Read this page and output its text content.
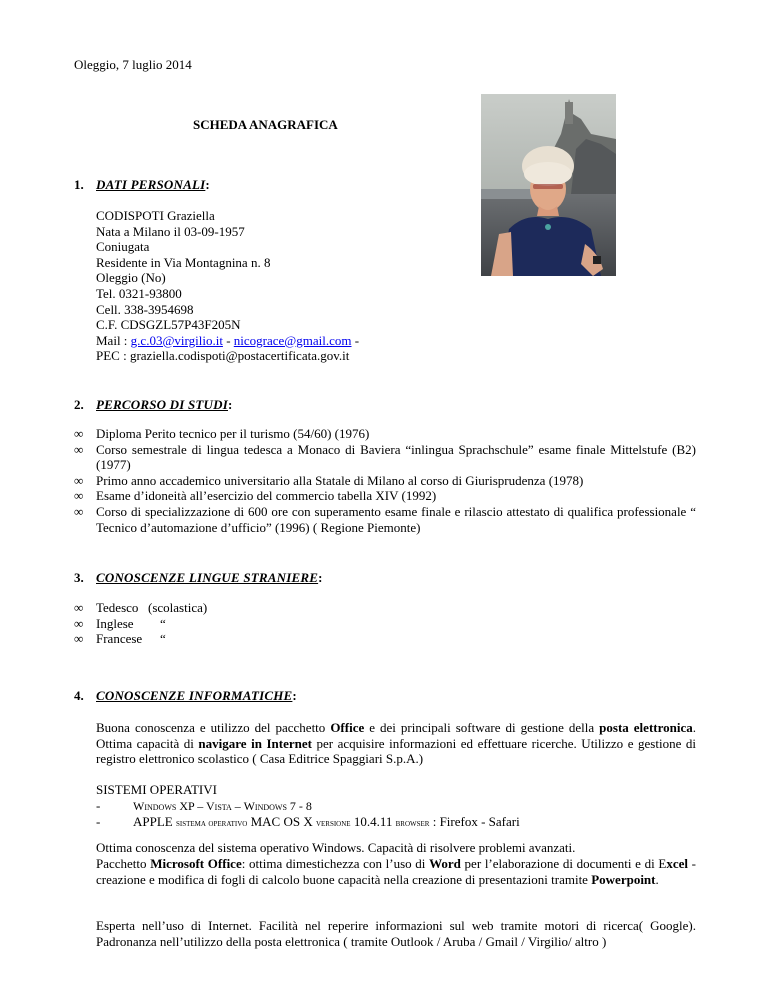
Oleggio, 7 luglio 2014
SCHEDA ANAGRAFICA
1. DATI PERSONALI:
CODISPOTI Graziella
Nata a Milano il 03-09-1957
Coniugata
Residente in Via Montagnina n. 8
Oleggio (No)
Tel. 0321-93800
Cell. 338-3954698
C.F. CDSGZL57P43F205N
Mail : g.c.03@virgilio.it - nicograce@gmail.com -
PEC : graziella.codispoti@postacertificata.gov.it
2. PERCORSO DI STUDI:
∞ Diploma Perito tecnico per il turismo (54/60) (1976)
∞ Corso semestrale di lingua tedesca a Monaco di Baviera “inlingua Sprachschule” esame finale Mittelstufe (B2) (1977)
∞ Primo anno accademico universitario alla Statale di Milano al corso di Giurisprudenza (1978)
∞ Esame d’idoneità all’esercizio del commercio tabella XIV (1992)
∞ Corso di specializzazione di 600 ore con superamento esame finale e rilascio attestato di qualifica professionale “ Tecnico d’automazione d’ufficio” (1996) ( Regione Piemonte)
3. CONOSCENZE LINGUE STRANIERE:
∞ Tedesco (scolastica)
∞ Inglese “
∞ Francese “
4. CONOSCENZE INFORMATICHE:
Buona conoscenza e utilizzo del pacchetto Office e dei principali software di gestione della posta elettronica. Ottima capacità di navigare in Internet per acquisire informazioni ed effettuare ricerche. Utilizzo e gestione di registro elettronico scolastico ( Casa Editrice Spaggiari S.p.A.)
SISTEMI OPERATIVI
-	Windows XP – Vista – Windows 7 - 8
-	APPLE sistema operativo MAC OS X versione 10.4.11 browser : Firefox - Safari
Ottima conoscenza del sistema operativo Windows. Capacità di risolvere problemi avanzati.
Pacchetto Microsoft Office: ottima dimestichezza con l’uso di Word per l’elaborazione di documenti e di Excel - creazione e modifica di fogli di calcolo buone capacità nella creazione di presentazioni tramite Powerpoint.
Esperta nell’uso di Internet. Facilità nel reperire informazioni sul web tramite motori di ricerca( Google). Padronanza nell’utilizzo della posta elettronica ( tramite Outlook / Aruba / Gmail / Virgilio/ altro )
